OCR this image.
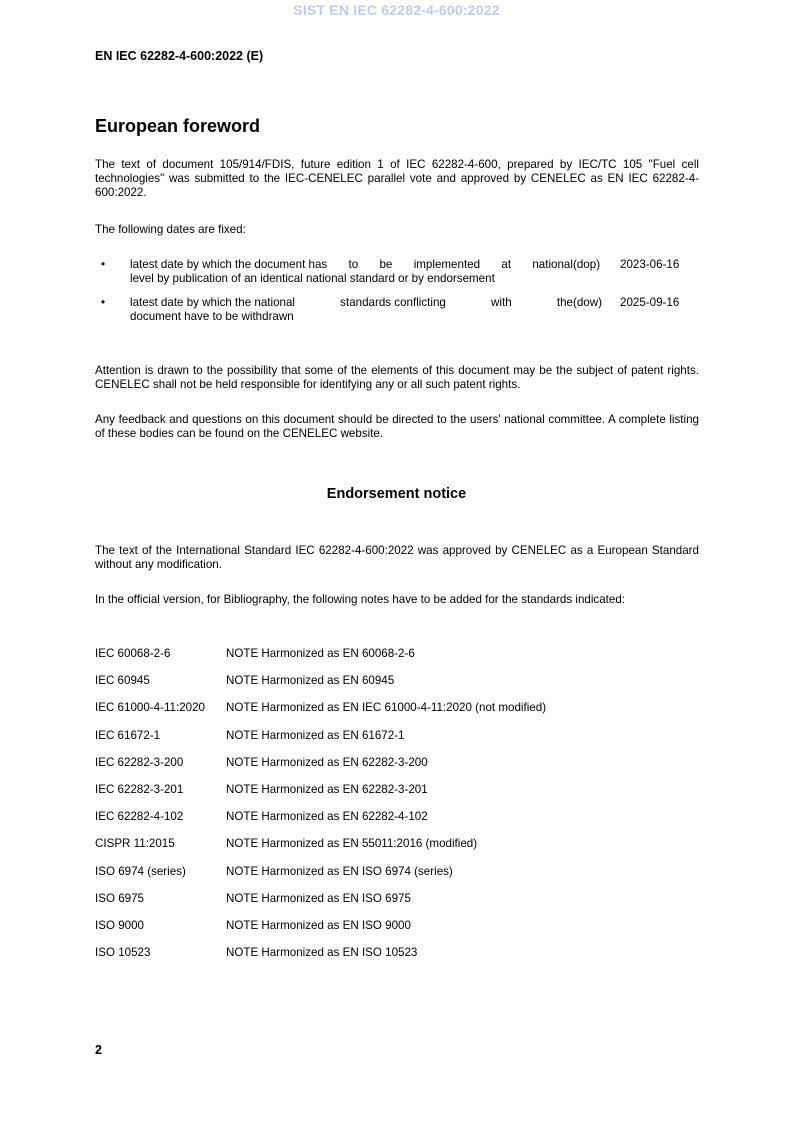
SIST EN IEC 62282-4-600:2022
EN IEC 62282-4-600:2022 (E)
European foreword
The text of document 105/914/FDIS, future edition 1 of IEC 62282-4-600, prepared by IEC/TC 105 "Fuel cell technologies" was submitted to the IEC-CENELEC parallel vote and approved by CENELEC as EN IEC 62282-4-600:2022.
The following dates are fixed:
• latest date by which the document has to be implemented at national
level by publication of an identical national standard or by endorsement
(dop) 2023-06-16
• latest date by which the national	standards conflicting	with	the
document have to be withdrawn
(dow) 2025-09-16
Attention is drawn to the possibility that some of the elements of this document may be the subject of patent rights. CENELEC shall not be held responsible for identifying any or all such patent rights.
Any feedback and questions on this document should be directed to the users' national committee. A complete listing of these bodies can be found on the CENELEC website.
Endorsement notice
The text of the International Standard IEC 62282-4-600:2022 was approved by CENELEC as a European Standard without any modification.
In the official version, for Bibliography, the following notes have to be added for the standards indicated:
IEC 60068-2-6	NOTE Harmonized as EN 60068-2-6
IEC 60945	NOTE Harmonized as EN 60945
IEC 61000-4-11:2020 NOTE Harmonized as EN IEC 61000-4-11:2020 (not modified)
IEC 61672-1	NOTE Harmonized as EN 61672-1
IEC 62282-3-200	NOTE Harmonized as EN 62282-3-200
IEC 62282-3-201	NOTE Harmonized as EN 62282-3-201
IEC 62282-4-102	NOTE Harmonized as EN 62282-4-102
CISPR 11:2015	NOTE Harmonized as EN 55011:2016 (modified)
ISO 6974 (series)	NOTE Harmonized as EN ISO 6974 (series)
ISO 6975	NOTE Harmonized as EN ISO 6975
ISO 9000	NOTE Harmonized as EN ISO 9000
ISO 10523	NOTE Harmonized as EN ISO 10523
2
